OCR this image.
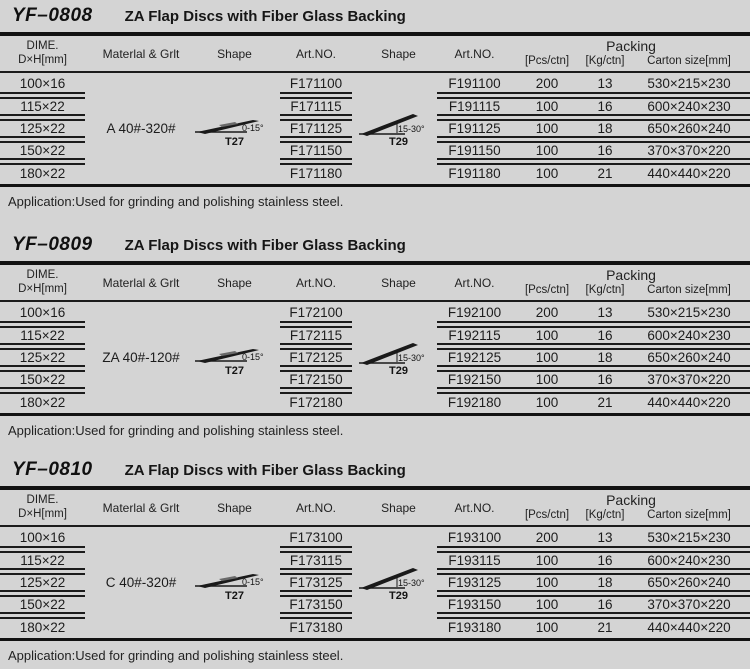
YF–0808 ZA Flap Discs with Fiber Glass Backing
DIME.
D×H[mm]	Materlal & Grlt	Shape	Art.NO.	Shape	Art.NO.	Packing
[Pcs/ctn]	[Kg/ctn]	Carton size[mm]
A 40#-320#	0-15°
T27
15-30°
T29
100×16	F171100	F191100	200	13	530×215×230
115×22	F171115	F191115	100	16	600×240×230
125×22	F171125	F191125	100	18	650×260×240
150×22	F171150	F191150	100	16	370×370×220
180×22	F171180	F191180	100	21	440×440×220
Application:Used for grinding and polishing stainless steel.
YF–0809 ZA Flap Discs with Fiber Glass Backing
DIME.
D×H[mm]	Materlal & Grlt	Shape	Art.NO.	Shape	Art.NO.	Packing
[Pcs/ctn]	[Kg/ctn]	Carton size[mm]
ZA 40#-120#	0-15°
T27
15-30°
T29
100×16	F172100	F192100	200	13	530×215×230
115×22	F172115	F192115	100	16	600×240×230
125×22	F172125	F192125	100	18	650×260×240
150×22	F172150	F192150	100	16	370×370×220
180×22	F172180	F192180	100	21	440×440×220
Application:Used for grinding and polishing stainless steel.
YF–0810 ZA Flap Discs with Fiber Glass Backing
DIME.
D×H[mm]	Materlal & Grlt	Shape	Art.NO.	Shape	Art.NO.	Packing
[Pcs/ctn]	[Kg/ctn]	Carton size[mm]
C 40#-320#	0-15°
T27
15-30°
T29
100×16	F173100	F193100	200	13	530×215×230
115×22	F173115	F193115	100	16	600×240×230
125×22	F173125	F193125	100	18	650×260×240
150×22	F173150	F193150	100	16	370×370×220
180×22	F173180	F193180	100	21	440×440×220
Application:Used for grinding and polishing stainless steel.
